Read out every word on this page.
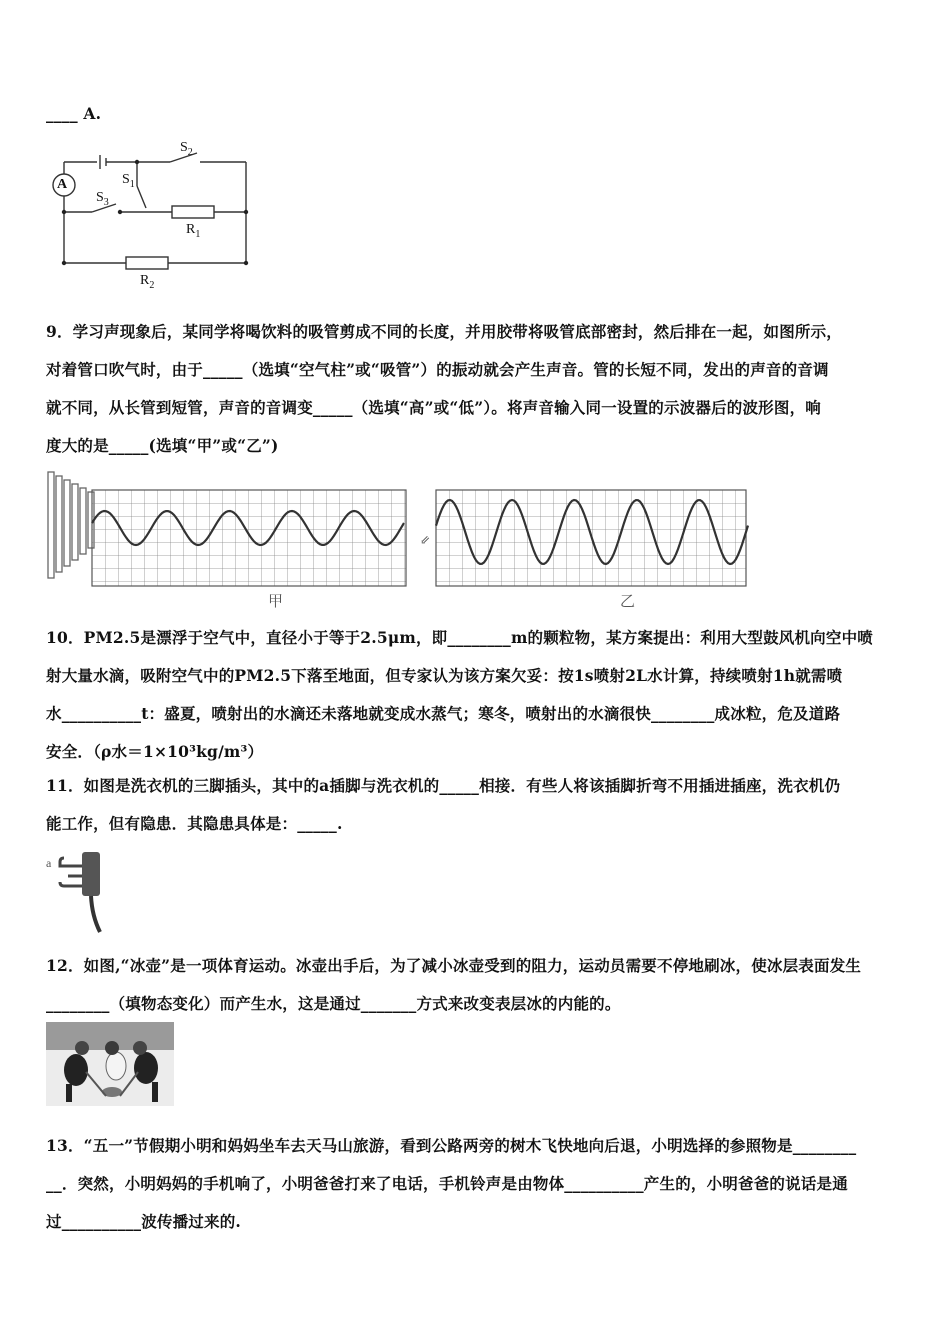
____ A.
A
$S_2$
$S_1$
$S_3$
$R_1$
$R_2$
9．学习声现象后，某同学将喝饮料的吸管剪成不同的长度，并用胶带将吸管底部密封，然后排在一起，如图所示，
对着管口吹气时，由于_____（选填“空气柱”或“吸管”）的振动就会产生声音。管的长短不同，发出的声音的音调
就不同，从长管到短管，声音的音调变_____（选填“高”或“低”）。将声音输入同一设置的示波器后的波形图，响
度大的是_____(选填“甲”或“乙”)
⇙
甲	乙
10．PM2.5是漂浮于空气中，直径小于等于2.5μm，即________m的颗粒物，某方案提出：利用大型鼓风机向空中喷
射大量水滴，吸附空气中的PM2.5下落至地面，但专家认为该方案欠妥：按1s喷射2L水计算，持续喷射1h就需喷
水__________t：盛夏，喷射出的水滴还未落地就变成水蒸气；寒冬，喷射出的水滴很快________成冰粒，危及道路
安全．（ρ水＝1×10³kg/m³）
11．如图是洗衣机的三脚插头，其中的a插脚与洗衣机的_____相接．有些人将该插脚折弯不用插进插座，洗衣机仍
能工作，但有隐患．其隐患具体是：_____.
a
12．如图,“冰壶”是一项体育运动。冰壶出手后，为了减小冰壶受到的阻力，运动员需要不停地刷冰，使冰层表面发生
________（填物态变化）而产生水，这是通过_______方式来改变表层冰的内能的。
13．“五一”节假期小明和妈妈坐车去天马山旅游，看到公路两旁的树木飞快地向后退，小明选择的参照物是________
__．突然，小明妈妈的手机响了，小明爸爸打来了电话，手机铃声是由物体__________产生的，小明爸爸的说话是通
过__________波传播过来的.
